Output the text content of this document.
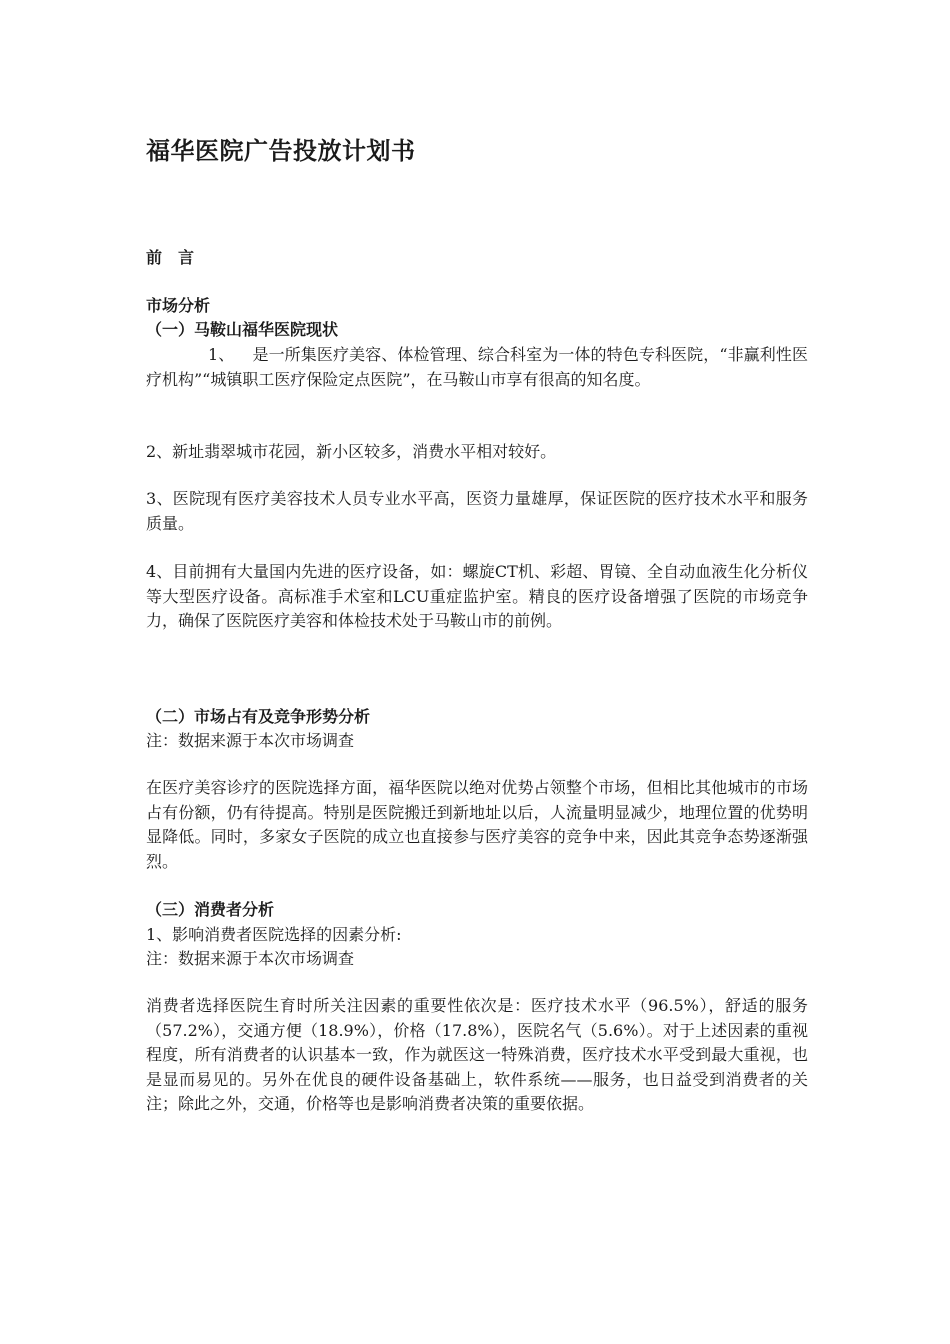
福华医院广告投放计划书
前　言
市场分析
（一）马鞍山福华医院现状

1、 是一所集医疗美容、体检管理、综合科室为一体的特色专科医院，“非赢利性医疗机构”“城镇职工医疗保险定点医院”，在马鞍山市享有很高的知名度。

2、新址翡翠城市花园，新小区较多，消费水平相对较好。

3、医院现有医疗美容技术人员专业水平高，医资力量雄厚，保证医院的医疗技术水平和服务质量。

4、目前拥有大量国内先进的医疗设备，如：螺旋CT机、彩超、胃镜、全自动血液生化分析仪等大型医疗设备。高标准手术室和LCU重症监护室。精良的医疗设备增强了医院的市场竞争力，确保了医院医疗美容和体检技术处于马鞍山市的前例。

（二）市场占有及竞争形势分析

注：数据来源于本次市场调查

在医疗美容诊疗的医院选择方面，福华医院以绝对优势占领整个市场，但相比其他城市的市场占有份额，仍有待提高。特别是医院搬迁到新地址以后，人流量明显减少，地理位置的优势明显降低。同时，多家女子医院的成立也直接参与医疗美容的竞争中来，因此其竞争态势逐渐强烈。

（三）消费者分析

1、影响消费者医院选择的因素分析:

注：数据来源于本次市场调查

消费者选择医院生育时所关注因素的重要性依次是：医疗技术水平（96.5%），舒适的服务（57.2%），交通方便（18.9%），价格（17.8%），医院名气（5.6%）。对于上述因素的重视程度，所有消费者的认识基本一致，作为就医这一特殊消费，医疗技术水平受到最大重视，也是显而易见的。另外在优良的硬件设备基础上，软件系统——服务，也日益受到消费者的关注；除此之外，交通，价格等也是影响消费者决策的重要依据。
